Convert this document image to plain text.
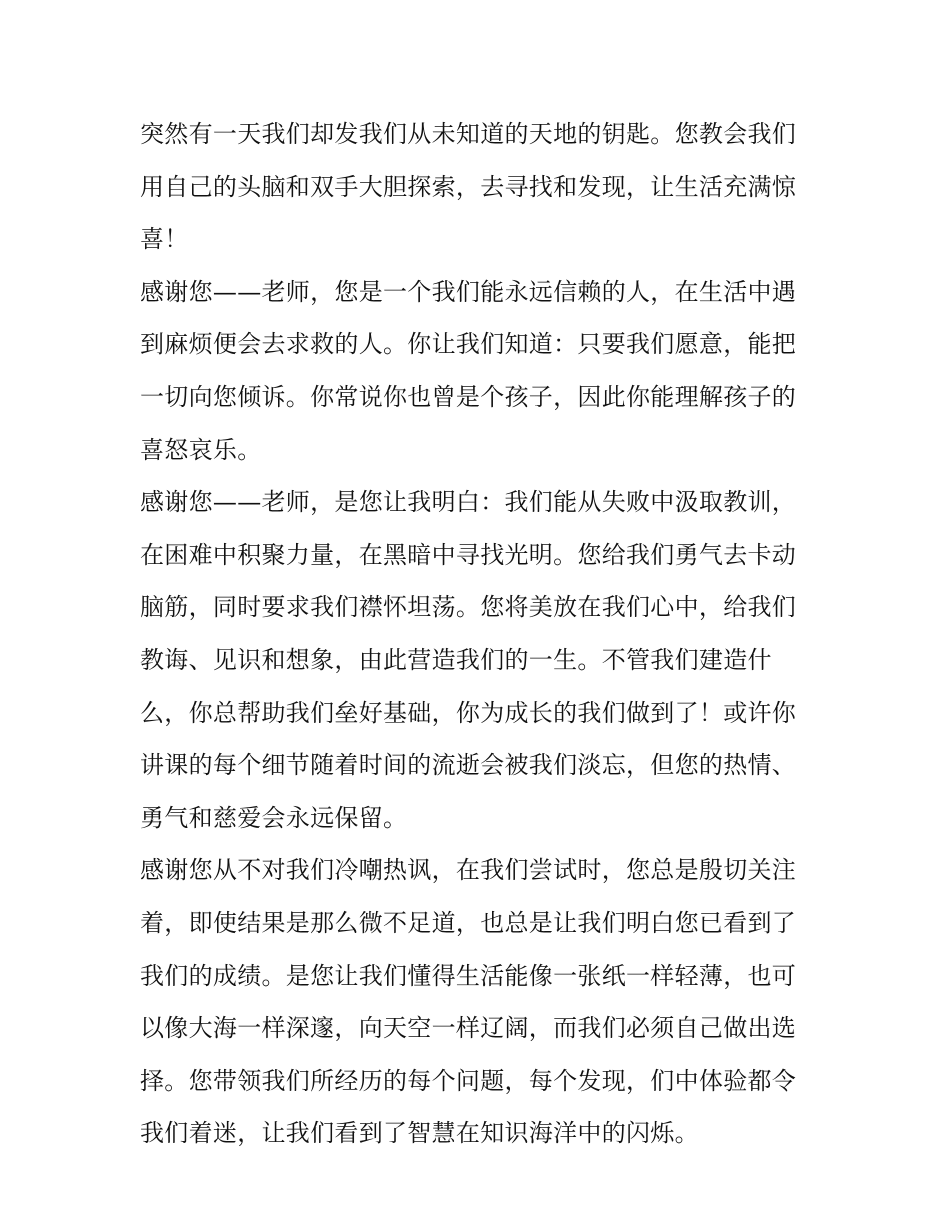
突然有一天我们却发我们从未知道的天地的钥匙。您教会我们
用自己的头脑和双手大胆探索，去寻找和发现，让生活充满惊
喜！
感谢您——老师，您是一个我们能永远信赖的人，在生活中遇
到麻烦便会去求救的人。你让我们知道：只要我们愿意，能把
一切向您倾诉。你常说你也曾是个孩子，因此你能理解孩子的
喜怒哀乐。
感谢您——老师，是您让我明白：我们能从失败中汲取教训，
在困难中积聚力量，在黑暗中寻找光明。您给我们勇气去卡动
脑筋，同时要求我们襟怀坦荡。您将美放在我们心中，给我们
教诲、见识和想象，由此营造我们的一生。不管我们建造什
么，你总帮助我们垒好基础，你为成长的我们做到了！或许你
讲课的每个细节随着时间的流逝会被我们淡忘，但您的热情、
勇气和慈爱会永远保留。
感谢您从不对我们冷嘲热讽，在我们尝试时，您总是殷切关注
着，即使结果是那么微不足道，也总是让我们明白您已看到了
我们的成绩。是您让我们懂得生活能像一张纸一样轻薄，也可
以像大海一样深邃，向天空一样辽阔，而我们必须自己做出选
择。您带领我们所经历的每个问题，每个发现，们中体验都令
我们着迷，让我们看到了智慧在知识海洋中的闪烁。
